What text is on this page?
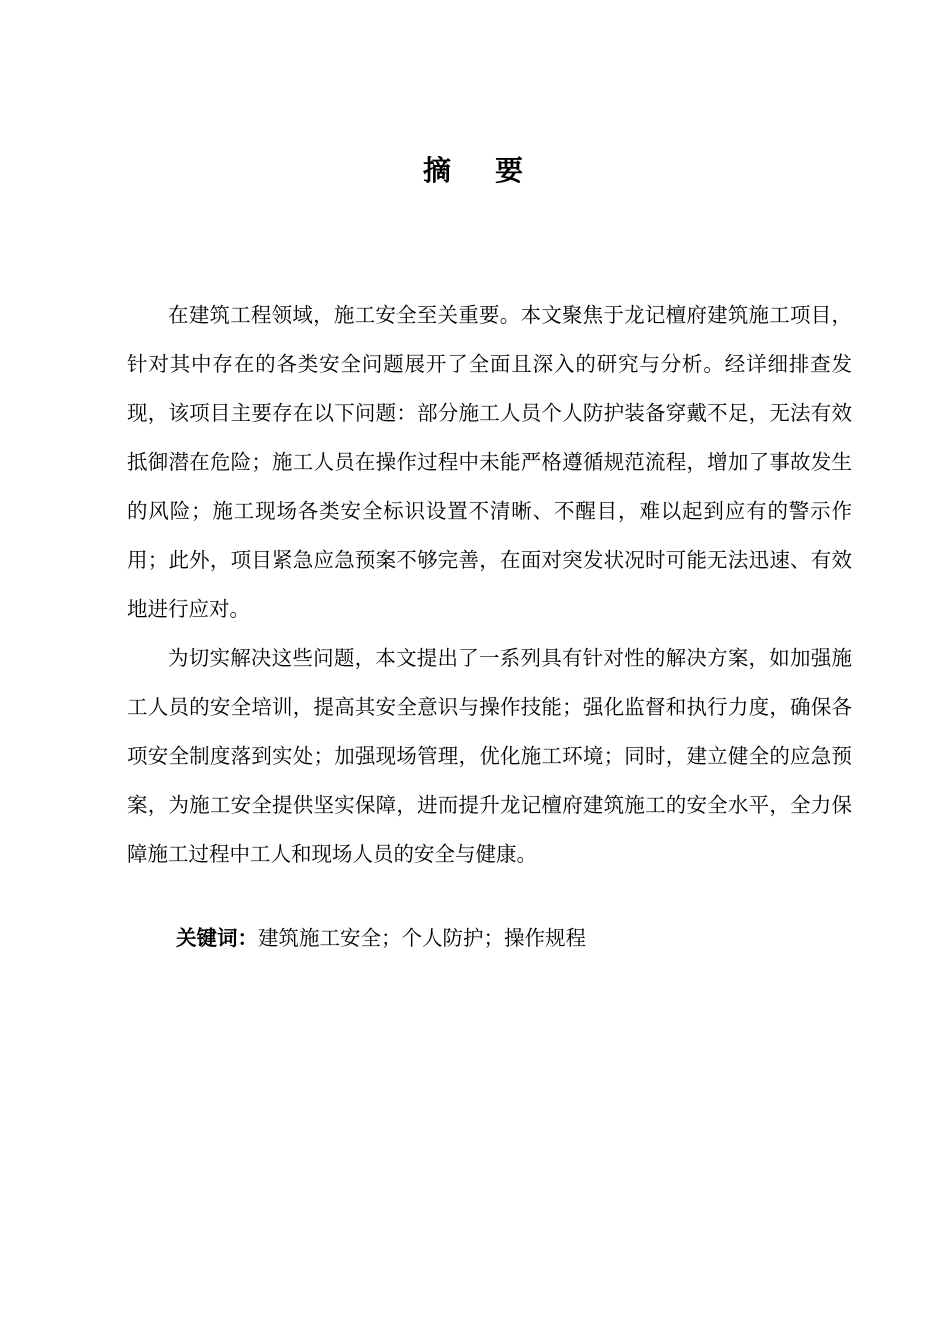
摘要

在建筑工程领域，施工安全至关重要。本文聚焦于龙记檀府建筑施工项目，针对其中存在的各类安全问题展开了全面且深入的研究与分析。经详细排查发现，该项目主要存在以下问题：部分施工人员个人防护装备穿戴不足，无法有效抵御潜在危险；施工人员在操作过程中未能严格遵循规范流程，增加了事故发生的风险；施工现场各类安全标识设置不清晰、不醒目，难以起到应有的警示作用；此外，项目紧急应急预案不够完善，在面对突发状况时可能无法迅速、有效地进行应对。

为切实解决这些问题，本文提出了一系列具有针对性的解决方案，如加强施工人员的安全培训，提高其安全意识与操作技能；强化监督和执行力度，确保各项安全制度落到实处；加强现场管理，优化施工环境；同时，建立健全的应急预案，为施工安全提供坚实保障，进而提升龙记檀府建筑施工的安全水平，全力保障施工过程中工人和现场人员的安全与健康。

关键词：建筑施工安全；个人防护；操作规程
